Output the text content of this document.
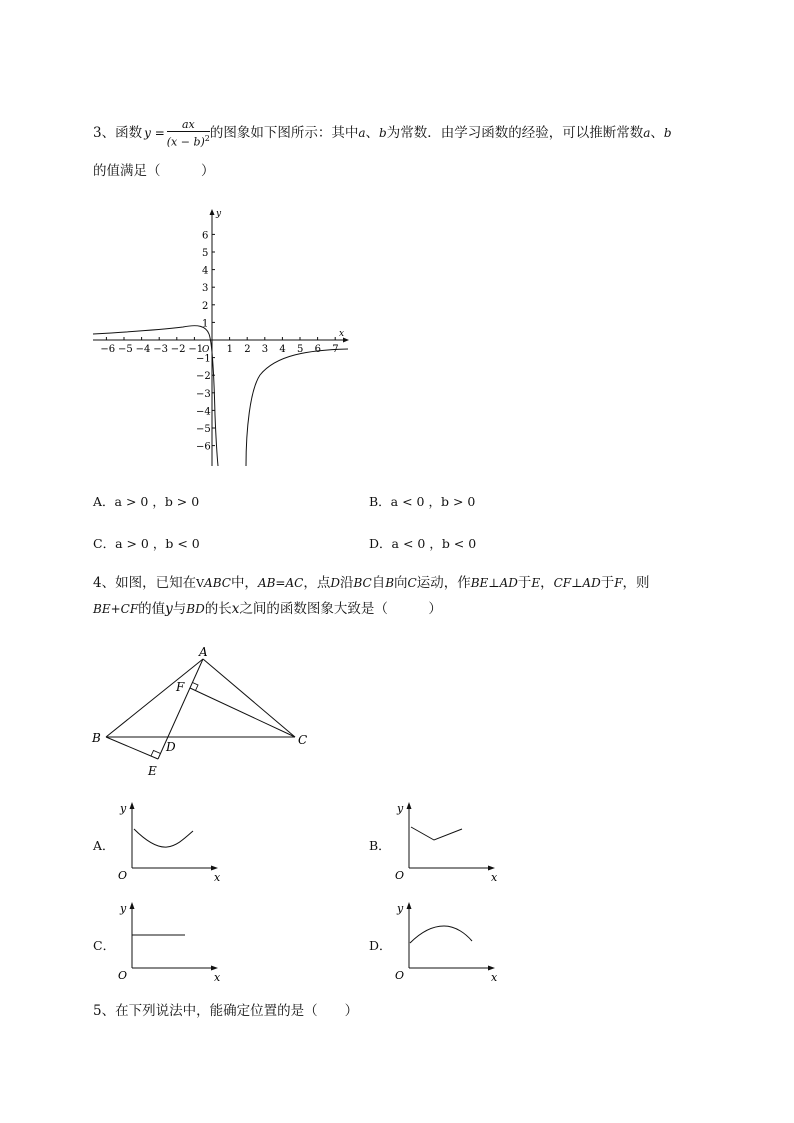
3、 函数 $y = \frac{ax}{(x - b)^2}$ 的图象如下图所示：其中 a 、 b 为常数．由学习函数的经验，可以推断常数 a 、 b
的值满足（　　　）
x
y
O
−6 −5 −4 −3 −2 −1 1 2 3 4 5 6 7
6
5
4
3
2
1
−1
−2
−3
−4
−5
−6
A．a > 0 ，b > 0	B．a < 0 ，b > 0
C．a > 0 ，b < 0	D．a < 0 ，b < 0
4、如图，已知在VABC中，AB=AC，点D沿BC自B向C运动，作BE⊥AD于E，CF⊥AD于F，则
BE+CF的值y与BD的长x之间的函数图象大致是（　　　）
A
B	C
D
E
F
A．
y
O	x
B．
y
O	x
C．
y
O	x
D．
y
O	x
5、在下列说法中，能确定位置的是（　　）
